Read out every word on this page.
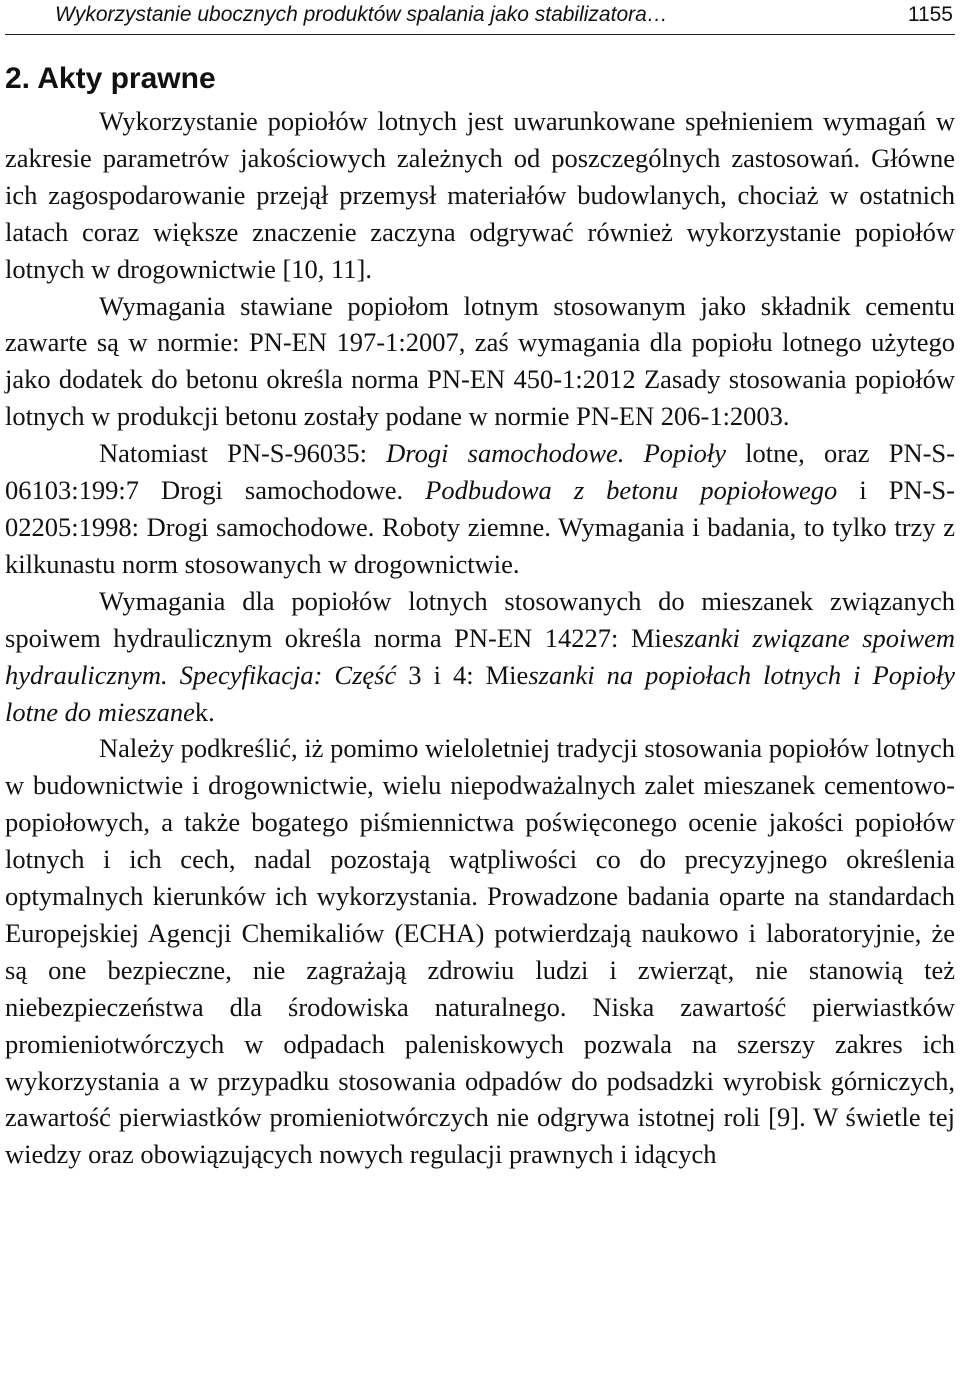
Wykorzystanie ubocznych produktów spalania jako stabilizatora…	1155
2. Akty prawne

Wykorzystanie popiołów lotnych jest uwarunkowane spełnieniem wymagań w zakresie parametrów jakościowych zależnych od poszczególnych zastosowań. Główne ich zagospodarowanie przejął przemysł materiałów budowlanych, chociaż w ostatnich latach coraz większe znaczenie zaczyna odgrywać również wykorzystanie popiołów lotnych w drogownictwie [10, 11].

Wymagania stawiane popiołom lotnym stosowanym jako składnik cementu zawarte są w normie: PN-EN 197-1:2007, zaś wymagania dla popiołu lotnego użytego jako dodatek do betonu określa norma PN-EN 450-1:2012 Zasady stosowania popiołów lotnych w produkcji betonu zostały podane w normie PN-EN 206-1:2003.

Natomiast PN-S-96035: Drogi samochodowe. Popioły lotne, oraz PN-S-06103:199:7 Drogi samochodowe. Podbudowa z betonu popiołowego i PN-S-02205:1998: Drogi samochodowe. Roboty ziemne. Wymagania i badania, to tylko trzy z kilkunastu norm stosowanych w drogownictwie.

Wymagania dla popiołów lotnych stosowanych do mieszanek związanych spoiwem hydraulicznym określa norma PN-EN 14227: Mieszanki związane spoiwem hydraulicznym. Specyfikacja: Część 3 i 4: Mieszanki na popiołach lotnych i Popioły lotne do mieszanek.

Należy podkreślić, iż pomimo wieloletniej tradycji stosowania popiołów lotnych w budownictwie i drogownictwie, wielu niepodważalnych zalet mieszanek cementowo-popiołowych, a także bogatego piśmiennictwa poświęconego ocenie jakości popiołów lotnych i ich cech, nadal pozostają wątpliwości co do precyzyjnego określenia optymalnych kierunków ich wykorzystania. Prowadzone badania oparte na standardach Europejskiej Agencji Chemikaliów (ECHA) potwierdzają naukowo i laboratoryjnie, że są one bezpieczne, nie zagrażają zdrowiu ludzi i zwierząt, nie stanowią też niebezpieczeństwa dla środowiska naturalnego. Niska zawartość pierwiastków promieniotwórczych w odpadach paleniskowych pozwala na szerszy zakres ich wykorzystania a w przypadku stosowania odpadów do podsadzki wyrobisk górniczych, zawartość pierwiastków promieniotwórczych nie odgrywa istotnej roli [9]. W świetle tej wiedzy oraz obowiązujących nowych regulacji prawnych i idących
